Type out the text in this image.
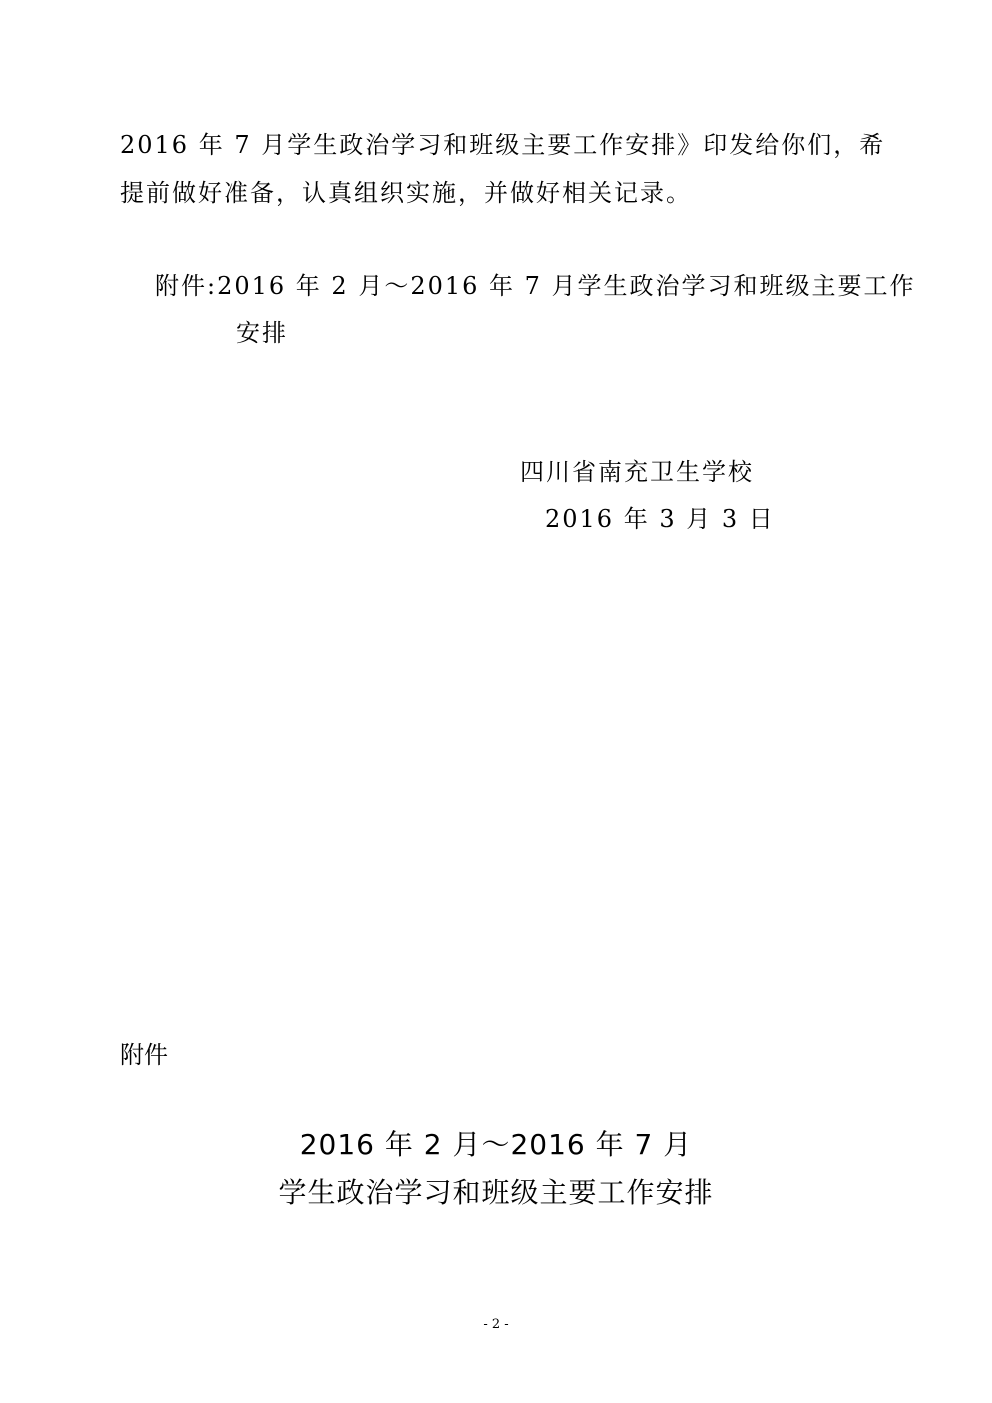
2016 年 7 月学生政治学习和班级主要工作安排》印发给你们，希
提前做好准备，认真组织实施，并做好相关记录。
附件:2016 年 2 月～2016 年 7 月学生政治学习和班级主要工作
安排
四川省南充卫生学校
2016 年 3 月 3 日
附件
2016 年 2 月～2016 年 7 月
学生政治学习和班级主要工作安排
- 2 -
